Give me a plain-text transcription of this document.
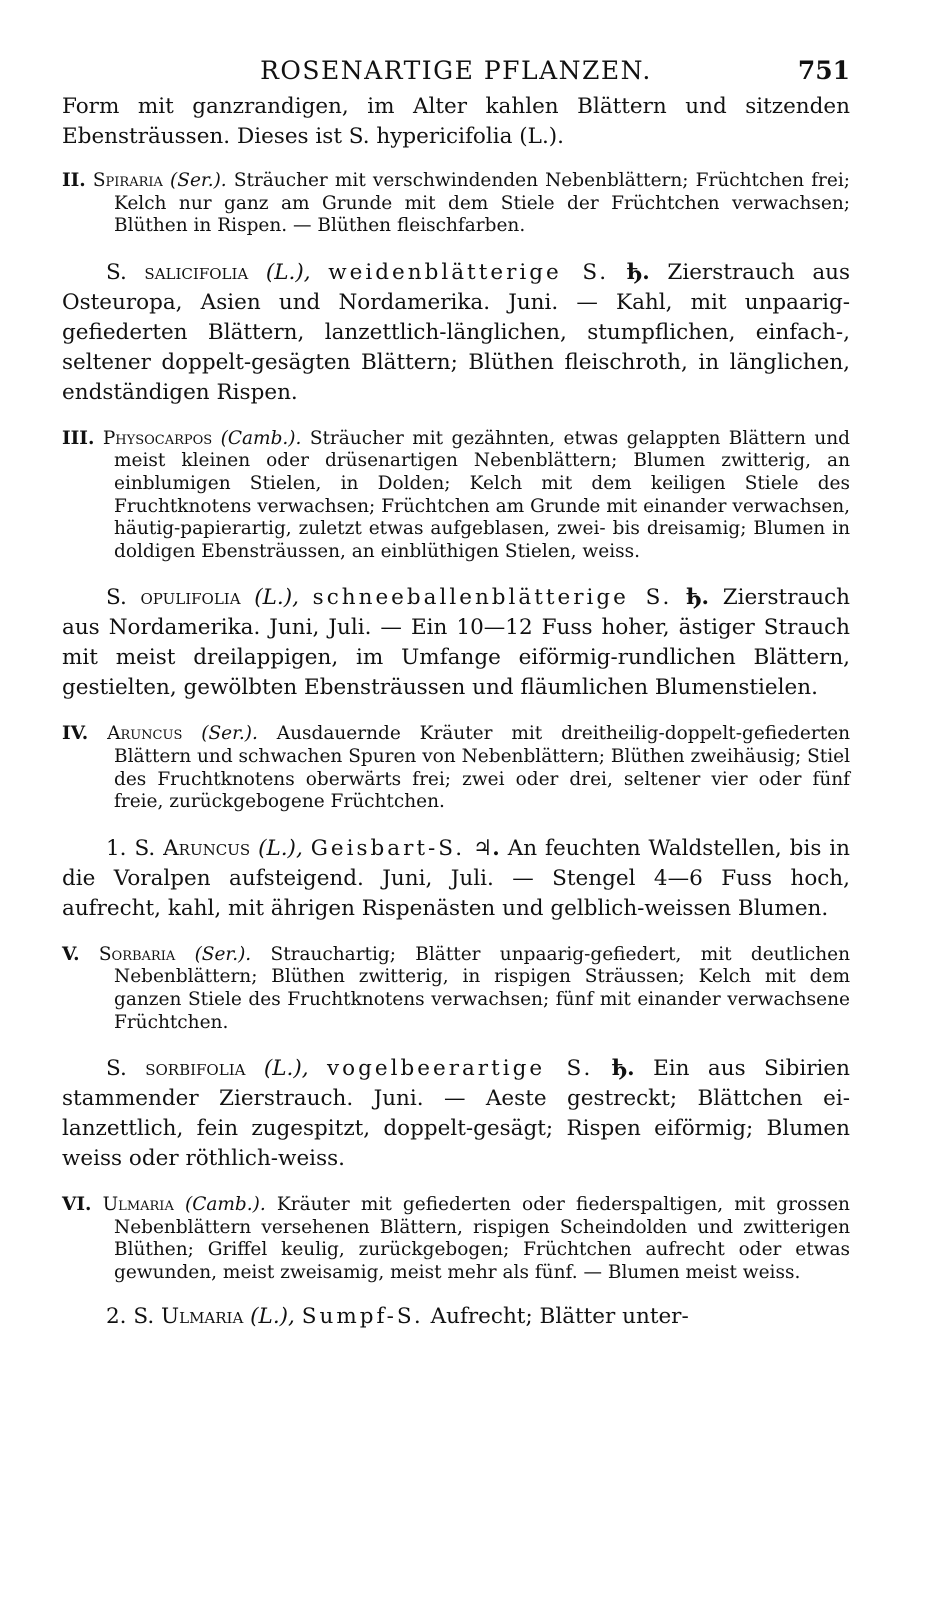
ROSENARTIGE PFLANZEN.	751

Form mit ganzrandigen, im Alter kahlen Blättern und sitzenden Ebensträussen. Dieses ist S. hypericifolia (L.).

II. Spiraria (Ser.). Sträucher mit verschwindenden Nebenblättern; Früchtchen frei; Kelch nur ganz am Grunde mit dem Stiele der Früchtchen verwachsen; Blüthen in Rispen. — Blüthen fleischfarben.

S. salicifolia (L.), weidenblätterige S. ђ. Zierstrauch aus Osteuropa, Asien und Nordamerika. Juni. — Kahl, mit unpaarig-gefiederten Blättern, lanzettlich-länglichen, stumpflichen, einfach-, seltener doppelt-gesägten Blättern; Blüthen fleischroth, in länglichen, endständigen Rispen.

III. Physocarpos (Camb.). Sträucher mit gezähnten, etwas gelappten Blättern und meist kleinen oder drüsenartigen Nebenblättern; Blumen zwitterig, an einblumigen Stielen, in Dolden; Kelch mit dem keiligen Stiele des Fruchtknotens verwachsen; Früchtchen am Grunde mit einander verwachsen, häutig-papierartig, zuletzt etwas aufgeblasen, zwei- bis dreisamig; Blumen in doldigen Ebensträussen, an einblüthigen Stielen, weiss.

S. opulifolia (L.), schneeballenblätterige S. ђ. Zierstrauch aus Nordamerika. Juni, Juli. — Ein 10—12 Fuss hoher, ästiger Strauch mit meist dreilappigen, im Umfange eiförmig-rundlichen Blättern, gestielten, gewölbten Ebensträussen und fläumlichen Blumenstielen.

IV. Aruncus (Ser.). Ausdauernde Kräuter mit dreitheilig-doppelt-gefiederten Blättern und schwachen Spuren von Nebenblättern; Blüthen zweihäusig; Stiel des Fruchtknotens oberwärts frei; zwei oder drei, seltener vier oder fünf freie, zurückgebogene Früchtchen.

1. S. Aruncus (L.), Geisbart-S. ♃. An feuchten Waldstellen, bis in die Voralpen aufsteigend. Juni, Juli. — Stengel 4—6 Fuss hoch, aufrecht, kahl, mit ährigen Rispenästen und gelblich-weissen Blumen.

V. Sorbaria (Ser.). Strauchartig; Blätter unpaarig-gefiedert, mit deutlichen Nebenblättern; Blüthen zwitterig, in rispigen Sträussen; Kelch mit dem ganzen Stiele des Fruchtknotens verwachsen; fünf mit einander verwachsene Früchtchen.

S. sorbifolia (L.), vogelbeerartige S. ђ. Ein aus Sibirien stammender Zierstrauch. Juni. — Aeste gestreckt; Blättchen ei-lanzettlich, fein zugespitzt, doppelt-gesägt; Rispen eiförmig; Blumen weiss oder röthlich-weiss.

VI. Ulmaria (Camb.). Kräuter mit gefiederten oder fiederspaltigen, mit grossen Nebenblättern versehenen Blättern, rispigen Scheindolden und zwitterigen Blüthen; Griffel keulig, zurückgebogen; Früchtchen aufrecht oder etwas gewunden, meist zweisamig, meist mehr als fünf. — Blumen meist weiss.

2. S. Ulmaria (L.), Sumpf-S. Aufrecht; Blätter unter-
